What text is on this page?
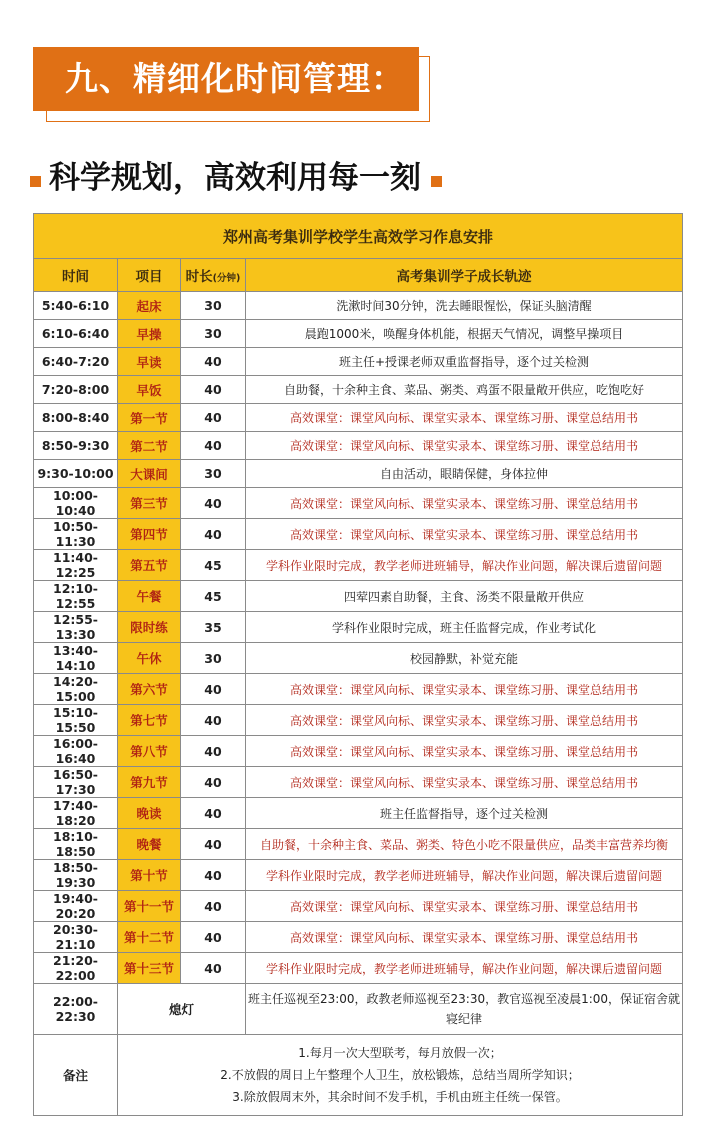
九、精细化时间管理：
科学规划，高效利用每一刻
郑州高考集训学校学生高效学习作息安排			
时间	项目	时长(分钟)	高考集训学子成长轨迹
5:40-6:10	起床	30	洗漱时间30分钟，洗去睡眼惺忪，保证头脑清醒
6:10-6:40	早操	30	晨跑1000米，唤醒身体机能，根据天气情况，调整早操项目
6:40-7:20	早读	40	班主任+授课老师双重监督指导，逐个过关检测
7:20-8:00	早饭	40	自助餐，十余种主食、菜品、粥类、鸡蛋不限量敞开供应，吃饱吃好
8:00-8:40	第一节	40	高效课堂：课堂风向标、课堂实录本、课堂练习册、课堂总结用书
8:50-9:30	第二节	40	高效课堂：课堂风向标、课堂实录本、课堂练习册、课堂总结用书
9:30-10:00	大课间	30	自由活动，眼睛保健，身体拉伸
10:00-10:40	第三节	40	高效课堂：课堂风向标、课堂实录本、课堂练习册、课堂总结用书
10:50-11:30	第四节	40	高效课堂：课堂风向标、课堂实录本、课堂练习册、课堂总结用书
11:40-12:25	第五节	45	学科作业限时完成，教学老师进班辅导，解决作业问题，解决课后遗留问题
12:10-12:55	午餐	45	四荤四素自助餐，主食、汤类不限量敞开供应
12:55-13:30	限时练	35	学科作业限时完成，班主任监督完成，作业考试化
13:40-14:10	午休	30	校园静默，补觉充能
14:20-15:00	第六节	40	高效课堂：课堂风向标、课堂实录本、课堂练习册、课堂总结用书
15:10-15:50	第七节	40	高效课堂：课堂风向标、课堂实录本、课堂练习册、课堂总结用书
16:00-16:40	第八节	40	高效课堂：课堂风向标、课堂实录本、课堂练习册、课堂总结用书
16:50-17:30	第九节	40	高效课堂：课堂风向标、课堂实录本、课堂练习册、课堂总结用书
17:40-18:20	晚读	40	班主任监督指导，逐个过关检测
18:10-18:50	晚餐	40	自助餐，十余种主食、菜品、粥类、特色小吃不限量供应，品类丰富营养均衡
18:50-19:30	第十节	40	学科作业限时完成，教学老师进班辅导，解决作业问题，解决课后遗留问题
19:40-20:20	第十一节	40	高效课堂：课堂风向标、课堂实录本、课堂练习册、课堂总结用书
20:30-21:10	第十二节	40	高效课堂：课堂风向标、课堂实录本、课堂练习册、课堂总结用书
21:20-22:00	第十三节	40	学科作业限时完成，教学老师进班辅导，解决作业问题，解决课后遗留问题
22:00-22:30	熄灯		班主任巡视至23:00，政教老师巡视至23:30，教官巡视至凌晨1:00，保证宿舍就寝纪律
备注	1.每月一次大型联考，每月放假一次；
2.不放假的周日上午整理个人卫生，放松锻炼，总结当周所学知识；
3.除放假周末外，其余时间不发手机，手机由班主任统一保管。		
